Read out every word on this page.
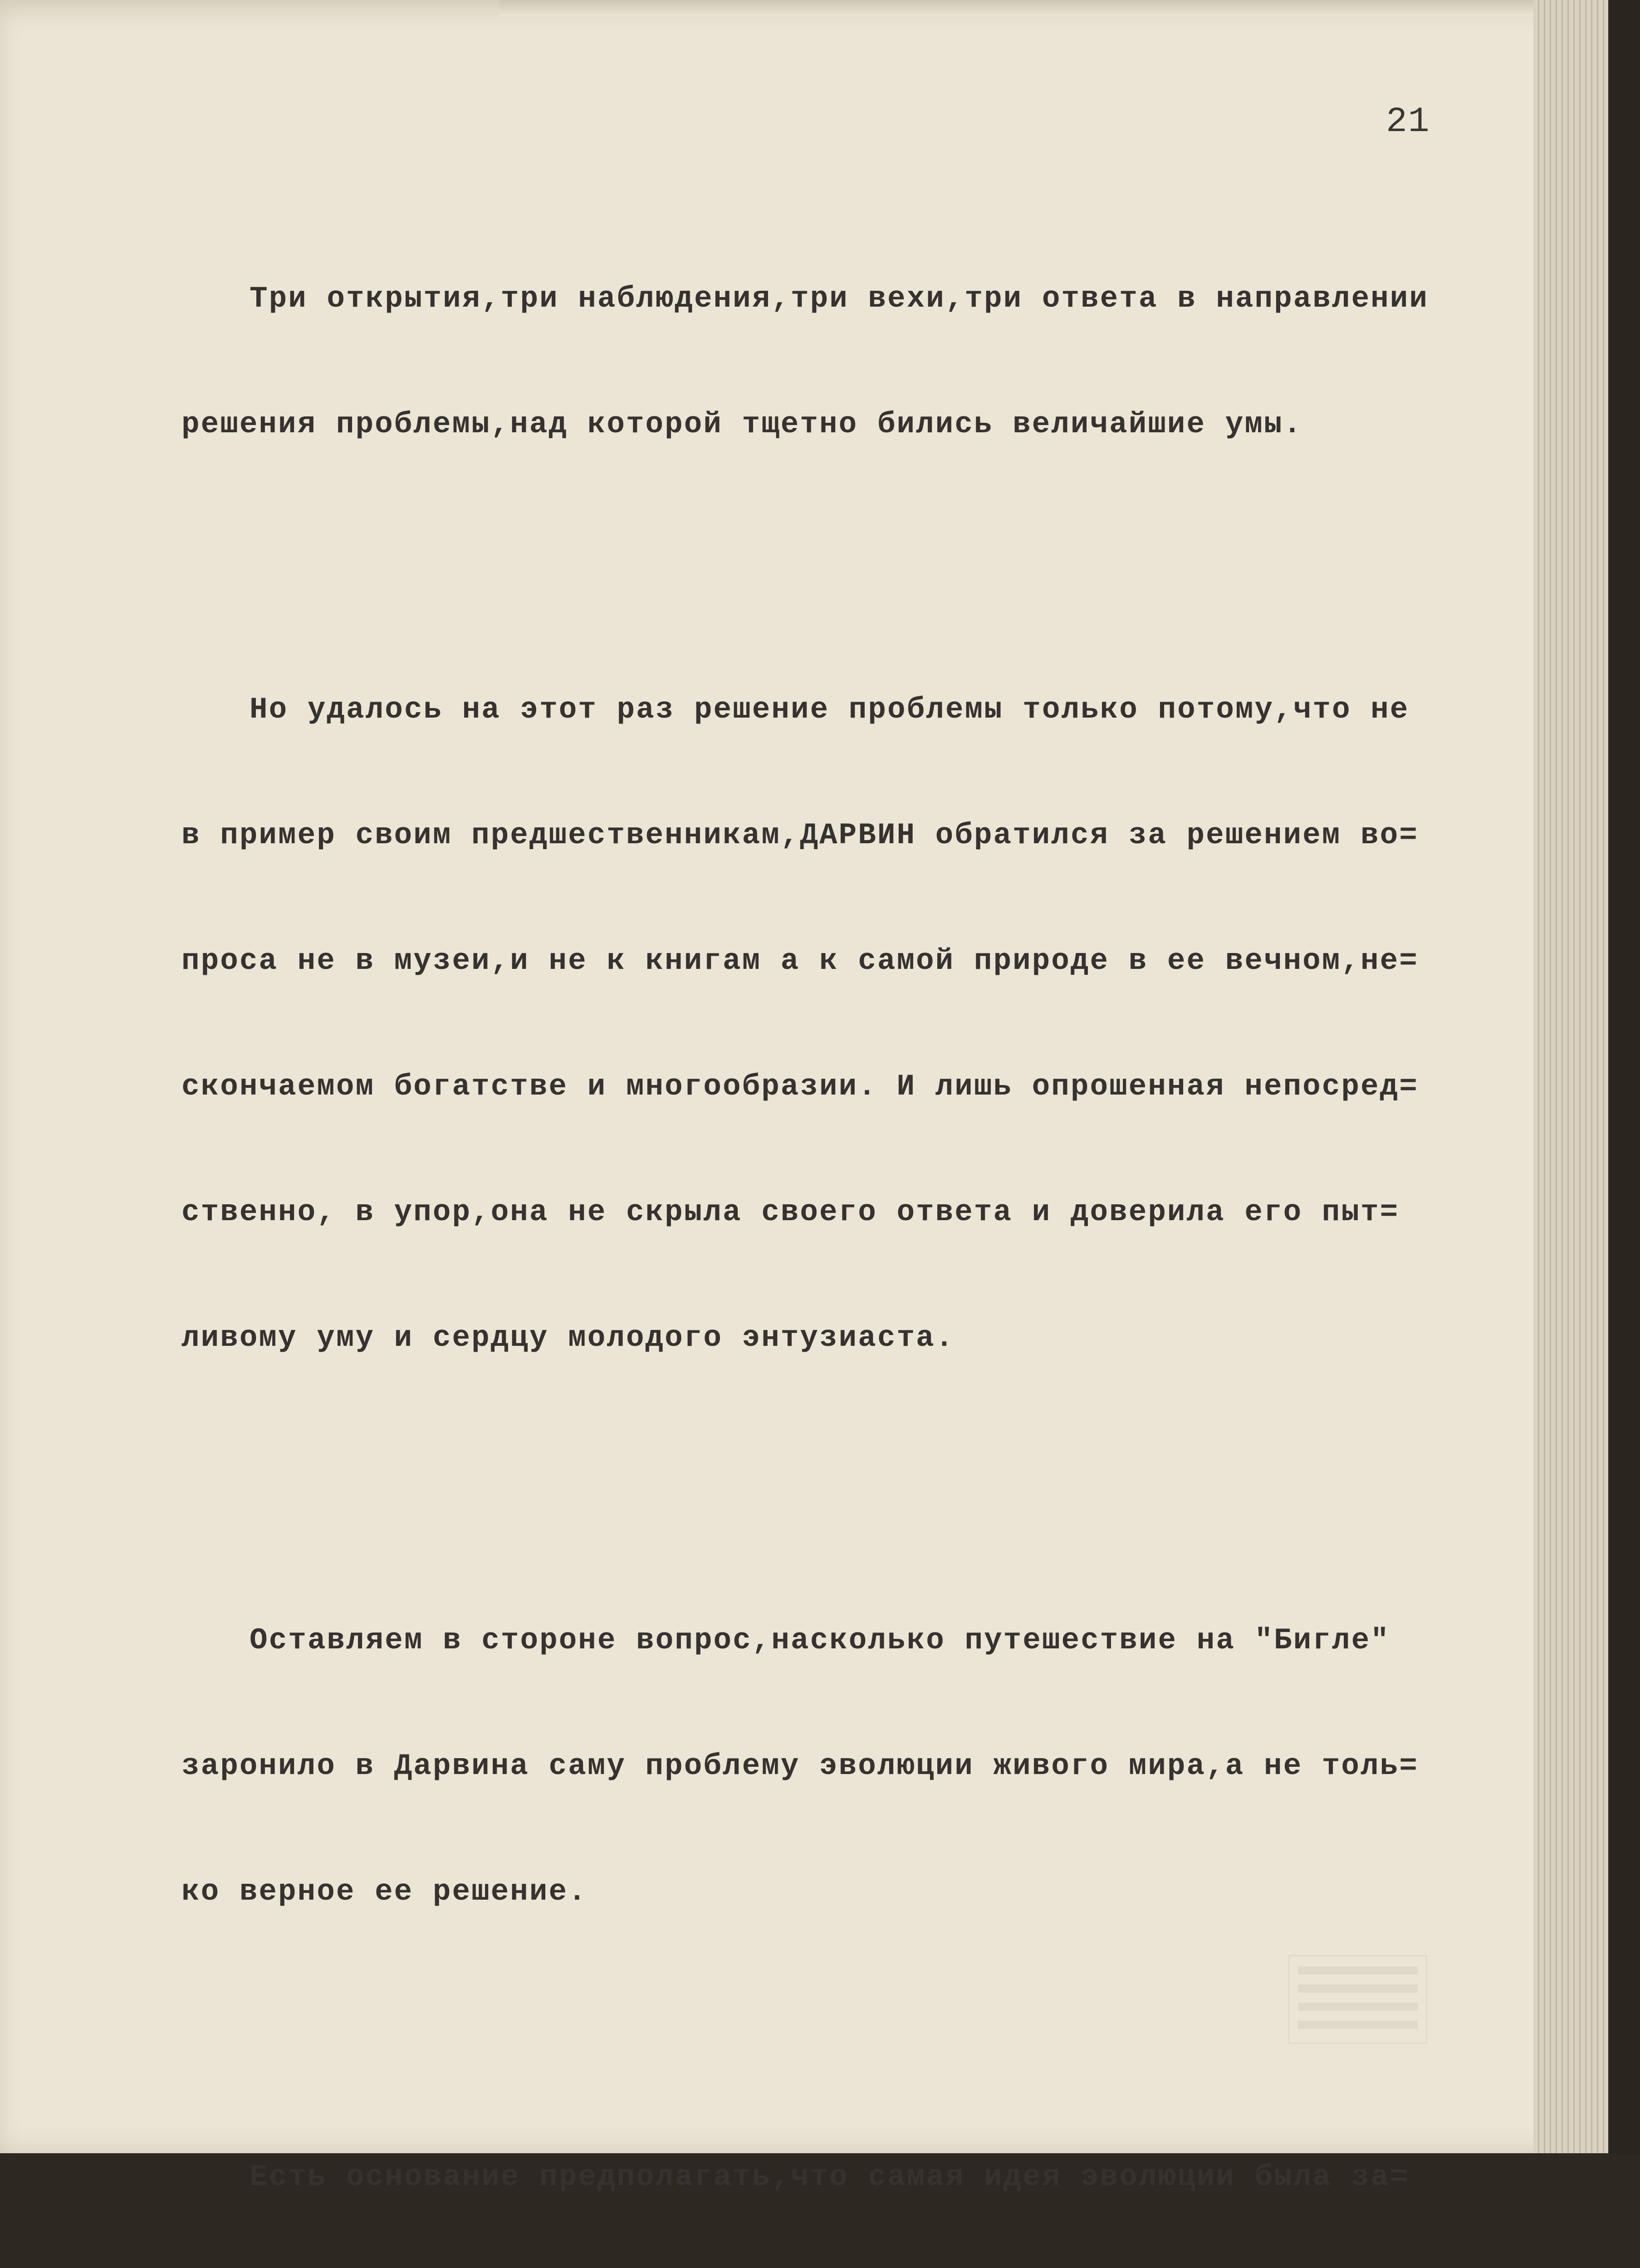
21

Три открытия,три наблюдения,три вехи,три ответа в направлении

решения проблемы,над которой тщетно бились величайшие умы.

Но удалось на этот раз решение проблемы только потому,что не

в пример своим предшественникам,ДАРВИН обратился за решением во=

проса не в музеи,и не к книгам а к самой природе в ее вечном,не=

скончаемом богатстве и многообразии. И лишь опрошенная непосред=

ственно, в упор,она не скрыла своего ответа и доверила его пыт=

ливому уму и сердцу молодого энтузиаста.

Оставляем в стороне вопрос,насколько путешествие на "Бигле"

заронило в Дарвина саму проблему эволюции живого мира,а не толь=

ко верное ее решение.

Есть основание предполагать,что самая идея эволюции была за=
